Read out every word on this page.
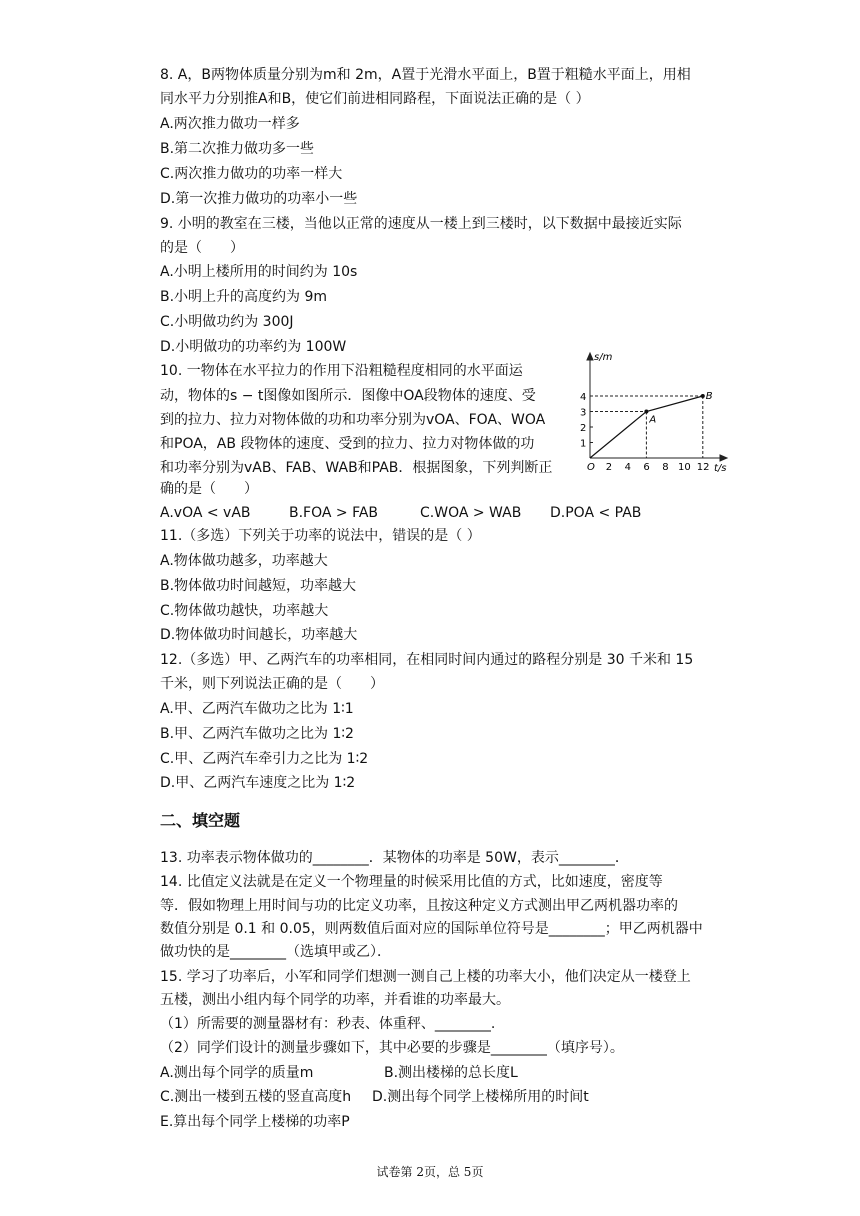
8. A，B两物体质量分别为m和 2m，A置于光滑水平面上，B置于粗糙水平面上，用相
同水平力分别推A和B，使它们前进相同路程，下面说法正确的是（ ）
A.两次推力做功一样多
B.第二次推力做功多一些
C.两次推力做功的功率一样大
D.第一次推力做功的功率小一些
9. 小明的教室在三楼，当他以正常的速度从一楼上到三楼时，以下数据中最接近实际
的是（　　）
A.小明上楼所用的时间约为 10s
B.小明上升的高度约为 9m
C.小明做功约为 300J
D.小明做功的功率约为 100W
10. 一物体在水平拉力的作用下沿粗糙程度相同的水平面运
动，物体的s − t图像如图所示．图像中OA段物体的速度、受
到的拉力、拉力对物体做的功和功率分别为vOA、FOA、WOA
和POA，AB 段物体的速度、受到的拉力、拉力对物体做的功
和功率分别为vAB、FAB、WAB和PAB．根据图象，下列判断正
确的是（　　）
A.vOA < vAB	B.FOA > FAB	C.WOA > WAB D.POA < PAB
s/m
t/s
O 2 4 6 8 10 12
1
2
3
4
A
B
11.（多选）下列关于功率的说法中，错误的是（ ）
A.物体做功越多，功率越大
B.物体做功时间越短，功率越大
C.物体做功越快，功率越大
D.物体做功时间越长，功率越大
12.（多选）甲、乙两汽车的功率相同，在相同时间内通过的路程分别是 30 千米和 15
千米，则下列说法正确的是（　　）
A.甲、乙两汽车做功之比为 1∶1
B.甲、乙两汽车做功之比为 1∶2
C.甲、乙两汽车牵引力之比为 1∶2
D.甲、乙两汽车速度之比为 1∶2
二、填空题
13. 功率表示物体做功的________．某物体的功率是 50W，表示________．
14. 比值定义法就是在定义一个物理量的时候采用比值的方式，比如速度，密度等
等．假如物理上用时间与功的比定义功率，且按这种定义方式测出甲乙两机器功率的
数值分别是 0.1 和 0.05，则两数值后面对应的国际单位符号是________；甲乙两机器中
做功快的是________（选填甲或乙）．
15. 学习了功率后，小军和同学们想测一测自己上楼的功率大小，他们决定从一楼登上
五楼，测出小组内每个同学的功率，并看谁的功率最大。
（1）所需要的测量器材有：秒表、体重秤、________.
（2）同学们设计的测量步骤如下，其中必要的步骤是________（填序号）。
A.测出每个同学的质量m	B.测出楼梯的总长度L
C.测出一楼到五楼的竖直高度h D.测出每个同学上楼梯所用的时间t
E.算出每个同学上楼梯的功率P
试卷第 2页，总 5页
